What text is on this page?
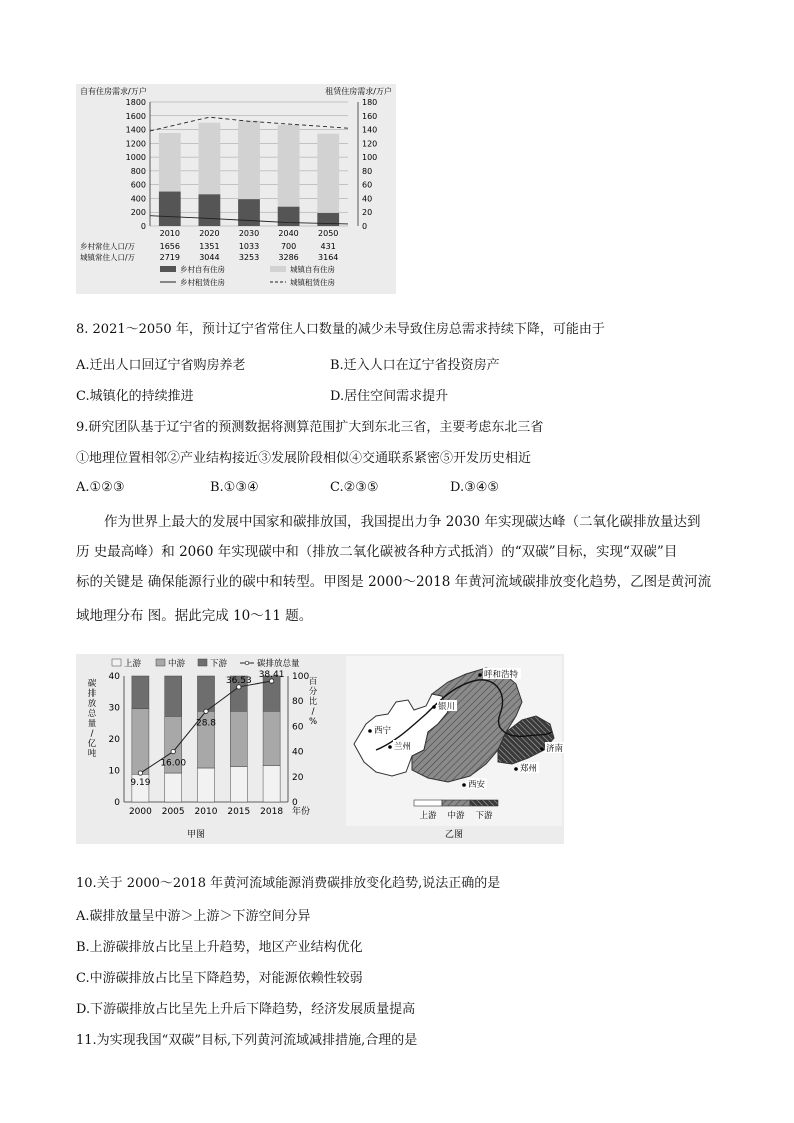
自有住房需求/万户	租赁住房需求/万户
1800
1600
1400
1200
1000
800
600
400
200
0
180
160
140
120
100
80
60
40
20
0
2010 2020 2030 2040 2050
乡村常住人口/万	1656 1351 1033	700	431
城镇常住人口/万	2719 3044 3253 3286 3164
乡村自有住房	城镇自有住房
乡村租赁住房	城镇租赁住房
8. 2021～2050 年，预计辽宁省常住人口数量的减少未导致住房总需求持续下降，可能由于
A.迁出人口回辽宁省购房养老	B.迁入人口在辽宁省投资房产
C.城镇化的持续推进	D.居住空间需求提升
9.研究团队基于辽宁省的预测数据将测算范围扩大到东北三省，主要考虑东北三省
①地理位置相邻②产业结构接近③发展阶段相似④交通联系紧密⑤开发历史相近
A.①②③	B.①③④	C.②③⑤	D.③④⑤
作为世界上最大的发展中国家和碳排放国，我国提出力争 2030 年实现碳达峰（二氧化碳排放量达到
历 史最高峰）和 2060 年实现碳中和（排放二氧化碳被各种方式抵消）的“双碳”目标，实现“双碳”目
标的关键是 确保能源行业的碳中和转型。甲图是 2000～2018 年黄河流域碳排放变化趋势，乙图是黄河流
域地理分布 图。据此完成 10～11 题。
上游	中游	下游	碳排放总量
碳
排
放
总
量
/
亿
吨
百
分
比
/
%
40
30
20
10
0
100
80
60
40
20
0
9.19
16.00
28.8
36.53
38.41
2000 2005 2010 2015 2018 年份
甲图
呼和浩特
银川
西宁
兰州
西安
郑州
济南
上游 中游 下游
乙图
10.关于 2000～2018 年黄河流域能源消费碳排放变化趋势,说法正确的是
A.碳排放量呈中游＞上游＞下游空间分异
B.上游碳排放占比呈上升趋势，地区产业结构优化
C.中游碳排放占比呈下降趋势，对能源依赖性较弱
D.下游碳排放占比呈先上升后下降趋势，经济发展质量提高
11.为实现我国“双碳”目标,下列黄河流域减排措施,合理的是
